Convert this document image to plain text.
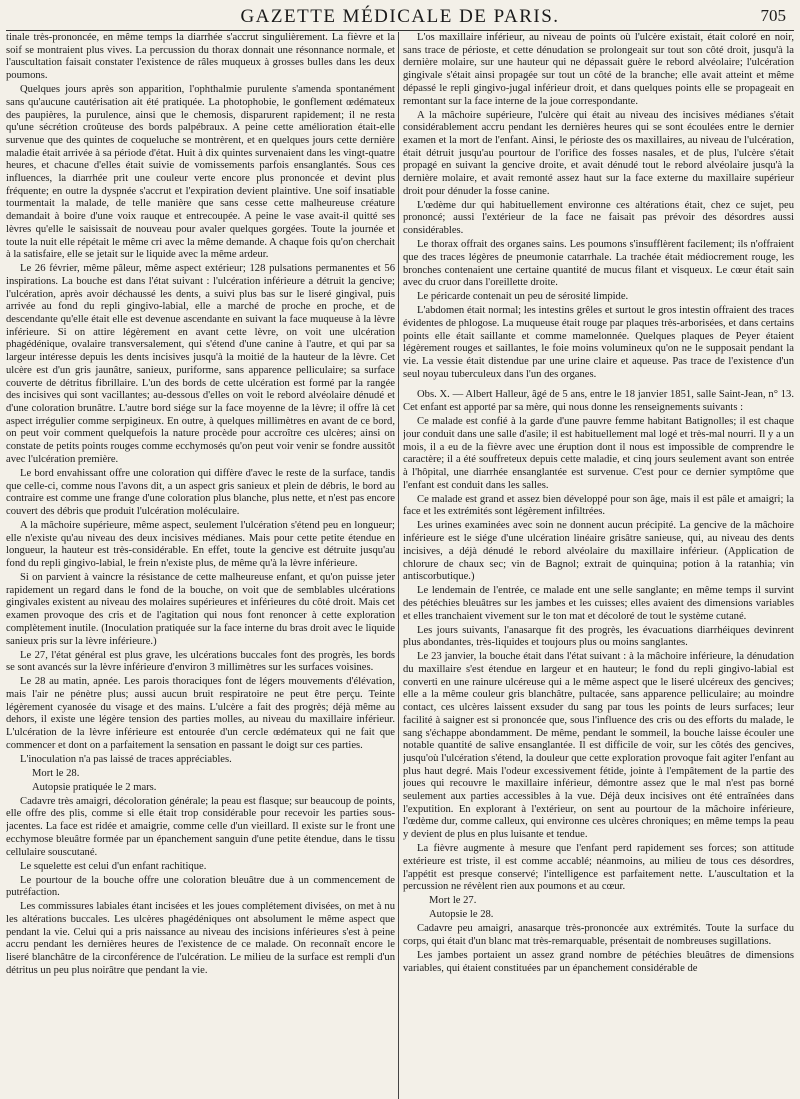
GAZETTE MÉDICALE DE PARIS.	705

tinale très-prononcée, en même temps la diarrhée s'accrut singulièrement. La fièvre et la soif se montraient plus vives. La percussion du thorax donnait une résonnance normale, et l'auscultation faisait constater l'existence de râles muqueux à grosses bulles dans les deux poumons.

Quelques jours après son apparition, l'ophthalmie purulente s'amenda spontanément sans qu'aucune cautérisation ait été pratiquée. La photophobie, le gonflement œdémateux des paupières, la purulence, ainsi que le chemosis, disparurent rapidement; il ne resta qu'une sécrétion croûteuse des bords palpébraux. A peine cette amélioration était-elle survenue que des quintes de coqueluche se montrèrent, et en quelques jours cette dernière maladie était arrivée à sa période d'état. Huit à dix quintes survenaient dans les vingt-quatre heures, et chacune d'elles était suivie de vomissements parfois ensanglantés. Sous ces influences, la diarrhée prit une couleur verte encore plus prononcée et devint plus fréquente; en outre la dyspnée s'accrut et l'expiration devient plaintive. Une soif insatiable tourmentait la malade, de telle manière que sans cesse cette malheureuse créature demandait à boire d'une voix rauque et entrecoupée. A peine le vase avait-il quitté ses lèvres qu'elle le saisissait de nouveau pour avaler quelques gorgées. Toute la journée et toute la nuit elle répétait le même cri avec la même demande. A chaque fois qu'on cherchait à la satisfaire, elle se jetait sur le liquide avec la même ardeur.

Le 26 février, même pâleur, même aspect extérieur; 128 pulsations permanentes et 56 inspirations. La bouche est dans l'état suivant : l'ulcération inférieure a détruit la gencive; l'ulcération, après avoir déchaussé les dents, a suivi plus bas sur le liseré gingival, puis arrivée au fond du repli gingivo-labial, elle a marché de proche en proche, et de descendante qu'elle était elle est devenue ascendante en suivant la face muqueuse à la lèvre inférieure. Si on attire légèrement en avant cette lèvre, on voit une ulcération phagédénique, ovalaire transversalement, qui s'étend d'une canine à l'autre, et qui par sa largeur intéresse depuis les dents incisives jusqu'à la moitié de la hauteur de la lèvre. Cet ulcère est d'un gris jaunâtre, sanieux, puriforme, sans apparence pelliculaire; sa surface couverte de détritus fibrillaire. L'un des bords de cette ulcération est formé par la rangée des incisives qui sont vacillantes; au-dessous d'elles on voit le rebord alvéolaire dénudé et d'une coloration brunâtre. L'autre bord siége sur la face moyenne de la lèvre; il offre là cet aspect irrégulier comme serpigineux. En outre, à quelques millimètres en avant de ce bord, on peut voir comment quelquefois la nature procède pour accroître ces ulcères; ainsi on constate de petits points rouges comme ecchymosés qu'on peut voir venir se fondre aussitôt avec l'ulcération première.

Le bord envahissant offre une coloration qui diffère d'avec le reste de la surface, tandis que celle-ci, comme nous l'avons dit, a un aspect gris sanieux et plein de débris, le bord au contraire est comme une frange d'une coloration plus blanche, plus nette, et n'est pas encore couvert des débris que produit l'ulcération moléculaire.

A la mâchoire supérieure, même aspect, seulement l'ulcération s'étend peu en longueur; elle n'existe qu'au niveau des deux incisives médianes. Mais pour cette petite étendue en longueur, la hauteur est très-considérable. En effet, toute la gencive est détruite jusqu'au fond du repli gingivo-labial, le frein n'existe plus, de même qu'à la lèvre inférieure.

Si on parvient à vaincre la résistance de cette malheureuse enfant, et qu'on puisse jeter rapidement un regard dans le fond de la bouche, on voit que de semblables ulcérations gingivales existent au niveau des molaires supérieures et inférieures du côté droit. Mais cet examen provoque des cris et de l'agitation qui nous font renoncer à cette exploration complètement inutile. (Inoculation pratiquée sur la face interne du bras droit avec le liquide sanieux pris sur la lèvre inférieure.)

Le 27, l'état général est plus grave, les ulcérations buccales font des progrès, les bords se sont avancés sur la lèvre inférieure d'environ 3 millimètres sur les surfaces voisines.

Le 28 au matin, apnée. Les parois thoraciques font de légers mouvements d'élévation, mais l'air ne pénètre plus; aussi aucun bruit respiratoire ne peut être perçu. Teinte légèrement cyanosée du visage et des mains. L'ulcère a fait des progrès; déjà même au dehors, il existe une légère tension des parties molles, au niveau du maxillaire inférieur. L'ulcération de la lèvre inférieure est entourée d'un cercle œdémateux qui ne fait que commencer et dont on a parfaitement la sensation en passant le doigt sur ces parties.

L'inoculation n'a pas laissé de traces appréciables.

Mort le 28.

Autopsie pratiquée le 2 mars.

Cadavre très amaigri, décoloration générale; la peau est flasque; sur beaucoup de points, elle offre des plis, comme si elle était trop considérable pour recevoir les parties sous-jacentes. La face est ridée et amaigrie, comme celle d'un vieillard. Il existe sur le front une ecchymose bleuâtre formée par un épanchement sanguin d'une petite étendue, dans le tissu cellulaire souscutané.

Le squelette est celui d'un enfant rachitique.

Le pourtour de la bouche offre une coloration bleuâtre due à un commencement de putréfaction.

Les commissures labiales étant incisées et les joues complétement divisées, on met à nu les altérations buccales. Les ulcères phagédéniques ont absolument le même aspect que pendant la vie. Celui qui a pris naissance au niveau des incisions inférieures s'est à peine accru pendant les dernières heures de l'existence de ce malade. On reconnaît encore le liseré blanchâtre de la circonférence de l'ulcération. Le milieu de la surface est rempli d'un détritus un peu plus noirâtre que pendant la vie.

L'os maxillaire inférieur, au niveau de points où l'ulcère existait, était coloré en noir, sans trace de périoste, et cette dénudation se prolongeait sur tout son côté droit, jusqu'à la dernière molaire, sur une hauteur qui ne dépassait guère le rebord alvéolaire; l'ulcération gingivale s'était ainsi propagée sur tout un côté de la branche; elle avait atteint et même dépassé le repli gingivo-jugal inférieur droit, et dans quelques points elle se propageait en remontant sur la face interne de la joue correspondante.

A la mâchoire supérieure, l'ulcère qui était au niveau des incisives médianes s'était considérablement accru pendant les dernières heures qui se sont écoulées entre le dernier examen et la mort de l'enfant. Ainsi, le périoste des os maxillaires, au niveau de l'ulcération, était détruit jusqu'au pourtour de l'orifice des fosses nasales, et de plus, l'ulcère s'était propagé en suivant la gencive droite, et avait dénudé tout le rebord alvéolaire jusqu'à la dernière molaire, et avait remonté assez haut sur la face externe du maxillaire supérieur droit pour dénuder la fosse canine.

L'œdème dur qui habituellement environne ces altérations était, chez ce sujet, peu prononcé; aussi l'extérieur de la face ne faisait pas prévoir des désordres aussi considérables.

Le thorax offrait des organes sains. Les poumons s'insufflèrent facilement; ils n'offraient que des traces légères de pneumonie catarrhale. La trachée était médiocrement rouge, les bronches contenaient une certaine quantité de mucus filant et visqueux. Le cœur était sain avec du cruor dans l'oreillette droite.

Le péricarde contenait un peu de sérosité limpide.

L'abdomen était normal; les intestins grêles et surtout le gros intestin offraient des traces évidentes de phlogose. La muqueuse était rouge par plaques très-arborisées, et dans certains points elle était saillante et comme mamelonnée. Quelques plaques de Peyer étaient légèrement rouges et saillantes, le foie moins volumineux qu'on ne le supposait pendant la vie. La vessie était distendue par une urine claire et aqueuse. Pas trace de l'existence d'un seul noyau tuberculeux dans l'un des organes.

Obs. X. — Albert Halleur, âgé de 5 ans, entre le 18 janvier 1851, salle Saint-Jean, n° 13. Cet enfant est apporté par sa mère, qui nous donne les renseignements suivants :

Ce malade est confié à la garde d'une pauvre femme habitant Batignolles; il est chaque jour conduit dans une salle d'asile; il est habituellement mal logé et très-mal nourri. Il y a un mois, il a eu de la fièvre avec une éruption dont il nous est impossible de comprendre le caractère; il a été souffreteux depuis cette maladie, et cinq jours seulement avant son entrée à l'hôpital, une diarrhée ensanglantée est survenue. C'est pour ce dernier symptôme que l'enfant est conduit dans les salles.

Ce malade est grand et assez bien développé pour son âge, mais il est pâle et amaigri; la face et les extrémités sont légèrement infiltrées.

Les urines examinées avec soin ne donnent aucun précipité. La gencive de la mâchoire inférieure est le siége d'une ulcération linéaire grisâtre sanieuse, qui, au niveau des dents incisives, a déjà dénudé le rebord alvéolaire du maxillaire inférieur. (Application de chlorure de chaux sec; vin de Bagnol; extrait de quinquina; potion à la ratanhia; vin antiscorbutique.)

Le lendemain de l'entrée, ce malade ent une selle sanglante; en même temps il survint des pétéchies bleuâtres sur les jambes et les cuisses; elles avaient des dimensions variables et elles tranchaient vivement sur le ton mat et décoloré de tout le système cutané.

Les jours suivants, l'anasarque fit des progrès, les évacuations diarrhéiques devinrent plus abondantes, très-liquides et toujours plus ou moins sanglantes.

Le 23 janvier, la bouche était dans l'état suivant : à la mâchoire inférieure, la dénudation du maxillaire s'est étendue en largeur et en hauteur; le fond du repli gingivo-labial est converti en une rainure ulcéreuse qui a le même aspect que le liseré ulcéreux des gencives; elle a la même couleur gris blanchâtre, pultacée, sans apparence pelliculaire; au moindre contact, ces ulcères laissent exsuder du sang par tous les points de leurs surfaces; leur facilité à saigner est si prononcée que, sous l'influence des cris ou des efforts du malade, le sang s'échappe abondamment. De même, pendant le sommeil, la bouche laisse écouler une notable quantité de salive ensanglantée. Il est difficile de voir, sur les côtés des gencives, jusqu'où l'ulcération s'étend, la douleur que cette exploration provoque fait agiter l'enfant au plus haut degré. Mais l'odeur excessivement fétide, jointe à l'empâtement de la partie des joues qui recouvre le maxillaire inférieur, démontre assez que le mal n'est pas borné seulement aux parties accessibles à la vue. Déjà deux incisives ont été entraînées dans l'exputition. En explorant à l'extérieur, on sent au pourtour de la mâchoire inférieure, l'œdème dur, comme calleux, qui environne ces ulcères chroniques; en même temps la peau y devient de plus en plus luisante et tendue.

La fièvre augmente à mesure que l'enfant perd rapidement ses forces; son attitude extérieure est triste, il est comme accablé; néanmoins, au milieu de tous ces désordres, l'appétit est presque conservé; l'intelligence est parfaitement nette. L'auscultation et la percussion ne révèlent rien aux poumons et au cœur.

Mort le 27.

Autopsie le 28.

Cadavre peu amaigri, anasarque très-prononcée aux extrémités. Toute la surface du corps, qui était d'un blanc mat très-remarquable, présentait de nombreuses sugillations.

Les jambes portaient un assez grand nombre de pétéchies bleuâtres de dimensions variables, qui étaient constituées par un épanchement considérable de
